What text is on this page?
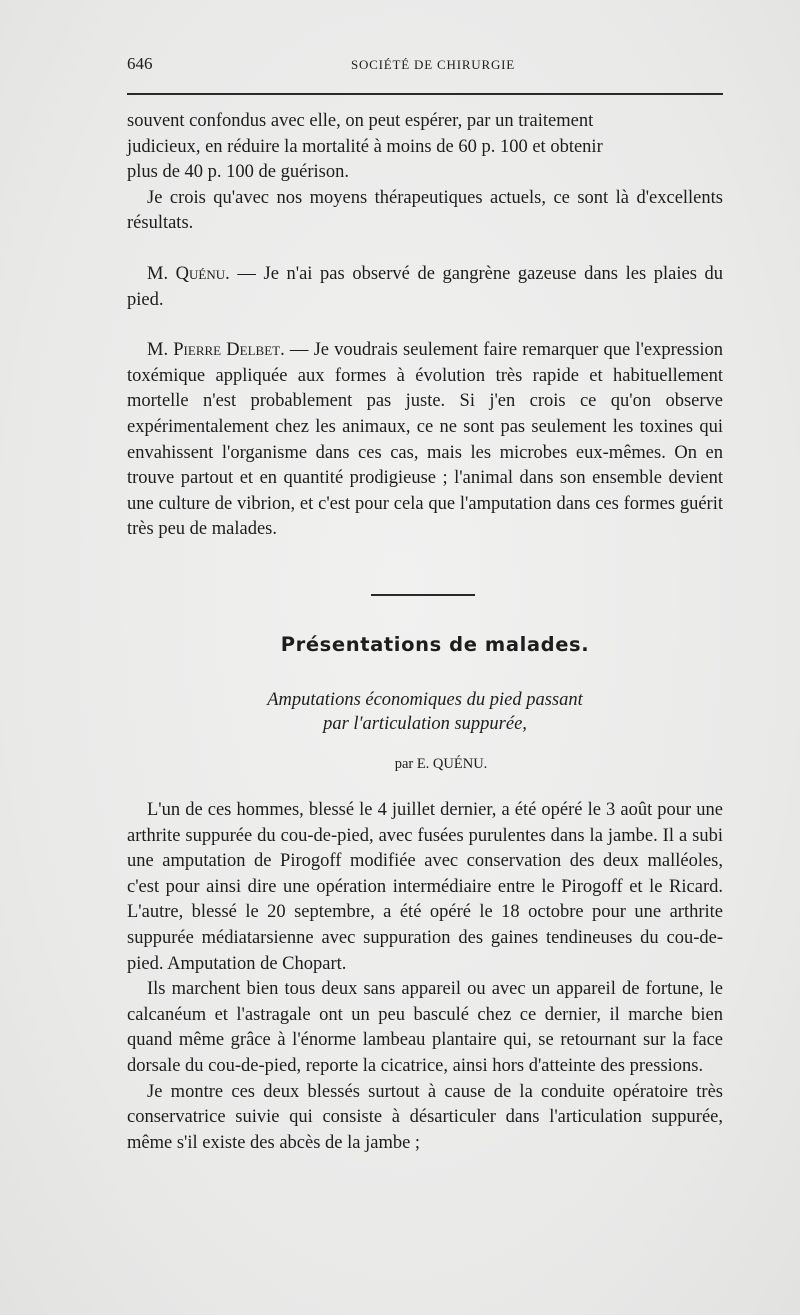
646	SOCIÉTÉ DE CHIRURGIE

souvent confondus avec elle, on peut espérer, par un traitement

judicieux, en réduire la mortalité à moins de 60 p. 100 et obtenir

plus de 40 p. 100 de guérison.

Je crois qu'avec nos moyens thérapeutiques actuels, ce sont là d'excellents résultats.

M. Quénu. — Je n'ai pas observé de gangrène gazeuse dans les plaies du pied.

M. Pierre Delbet. — Je voudrais seulement faire remarquer que l'expression toxémique appliquée aux formes à évolution très rapide et habituellement mortelle n'est probablement pas juste. Si j'en crois ce qu'on observe expérimentalement chez les animaux, ce ne sont pas seulement les toxines qui envahissent l'organisme dans ces cas, mais les microbes eux-mêmes. On en trouve partout et en quantité prodigieuse ; l'animal dans son ensemble devient une culture de vibrion, et c'est pour cela que l'amputation dans ces formes guérit très peu de malades.

Présentations de malades.
Amputations économiques du pied passant
par l'articulation suppurée,
par E. QUÉNU.

L'un de ces hommes, blessé le 4 juillet dernier, a été opéré le 3 août pour une arthrite suppurée du cou-de-pied, avec fusées purulentes dans la jambe. Il a subi une amputation de Pirogoff modifiée avec conservation des deux malléoles, c'est pour ainsi dire une opération intermédiaire entre le Pirogoff et le Ricard. L'autre, blessé le 20 septembre, a été opéré le 18 octobre pour une arthrite suppurée médiatarsienne avec suppuration des gaines tendineuses du cou-de-pied. Amputation de Chopart.

Ils marchent bien tous deux sans appareil ou avec un appareil de fortune, le calcanéum et l'astragale ont un peu basculé chez ce dernier, il marche bien quand même grâce à l'énorme lambeau plantaire qui, se retournant sur la face dorsale du cou-de-pied, reporte la cicatrice, ainsi hors d'atteinte des pressions.

Je montre ces deux blessés surtout à cause de la conduite opératoire très conservatrice suivie qui consiste à désarticuler dans l'articulation suppurée, même s'il existe des abcès de la jambe ;
